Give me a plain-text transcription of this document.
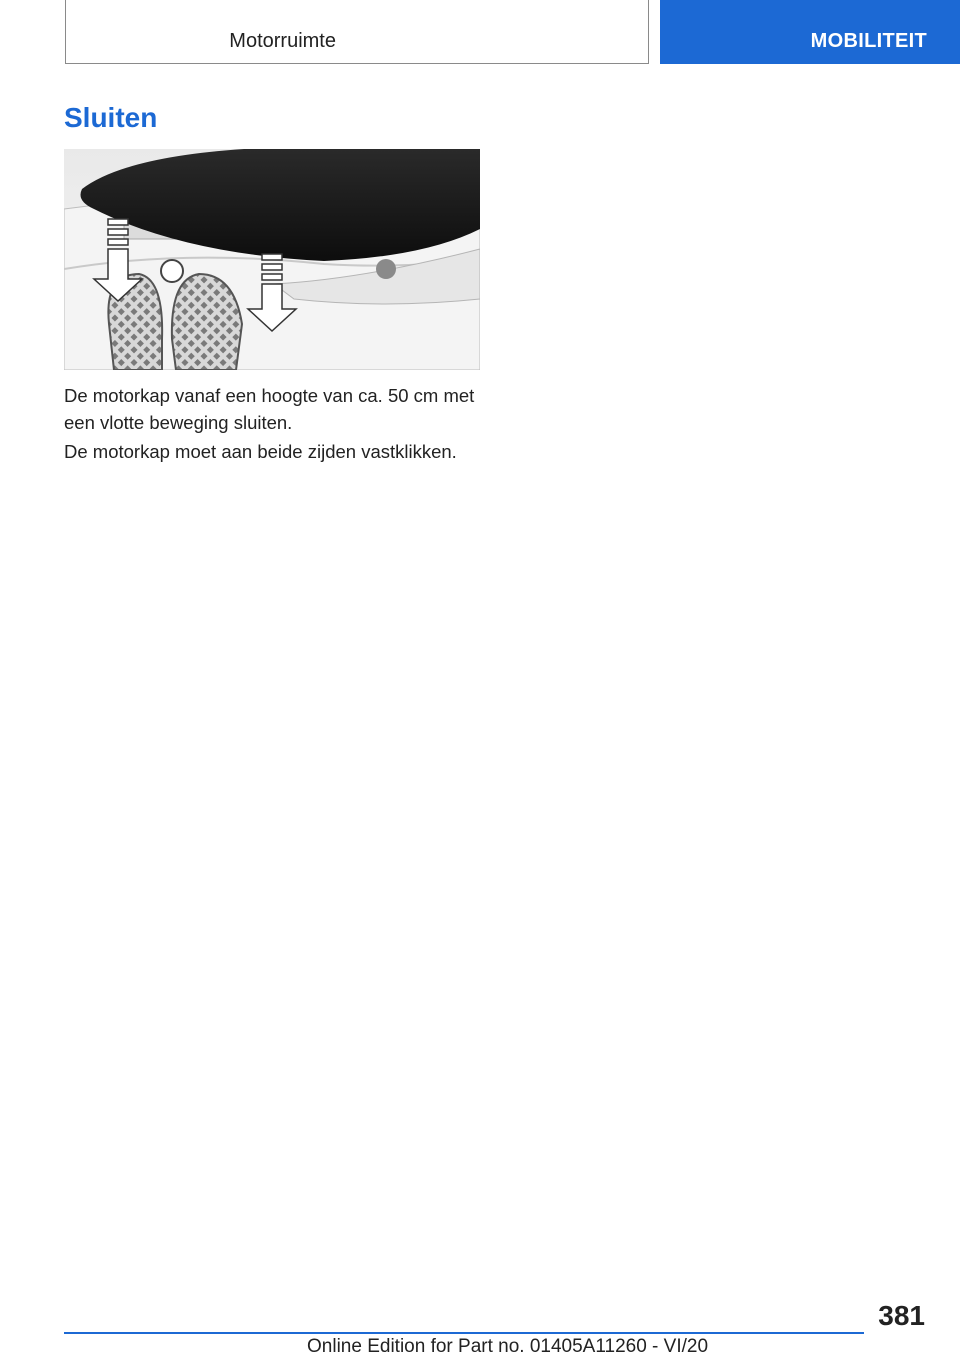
Motorruimte	MOBILITEIT
Sluiten

De motorkap vanaf een hoogte van ca. 50 cm met een vlotte beweging sluiten.

De motorkap moet aan beide zijden vastklikken.

381
Online Edition for Part no. 01405A11260 - VI/20
